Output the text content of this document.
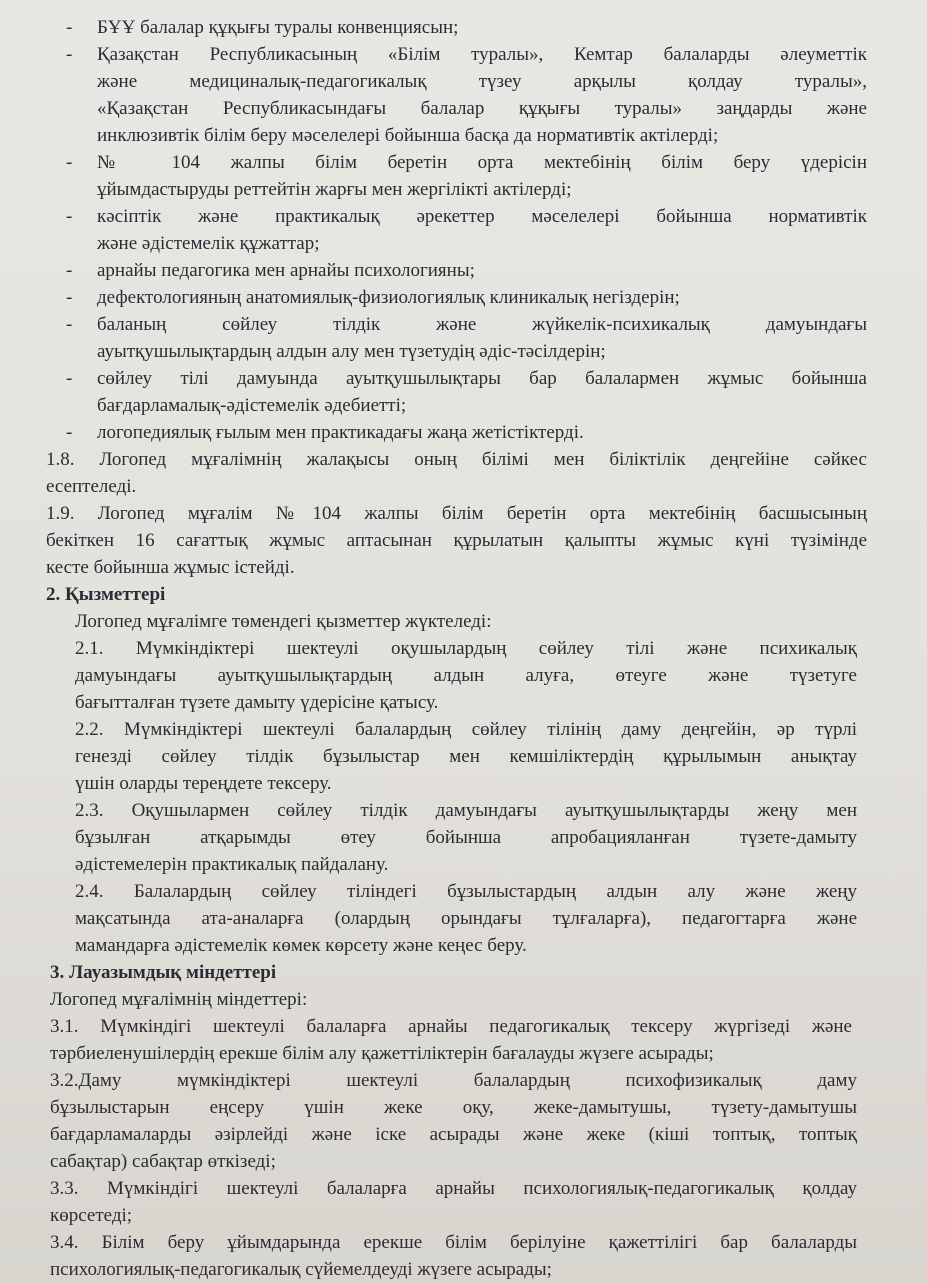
- БҰҰ балалар құқығы туралы конвенциясын;
- Қазақстан Республикасының «Білім туралы», Кемтар балаларды әлеуметтік
және медициналық-педагогикалық түзеу арқылы қолдау туралы»,
«Қазақстан Республикасындағы балалар құқығы туралы» заңдарды және
инклюзивтік білім беру мәселелері бойынша басқа да нормативтік актілерді;
- № 104 жалпы білім беретін орта мектебінің білім беру үдерісін
ұйымдастыруды реттейтін жарғы мен жергілікті актілерді;
- кәсіптік және практикалық әрекеттер мәселелері бойынша нормативтік
және әдістемелік құжаттар;
- арнайы педагогика мен арнайы психологияны;
- дефектологияның анатомиялық-физиологиялық клиникалық негіздерін;
- баланың сөйлеу тілдік және жүйкелік-психикалық дамуындағы
ауытқушылықтардың алдын алу мен түзетудің әдіс-тәсілдерін;
- сөйлеу тілі дамуында ауытқушылықтары бар балалармен жұмыс бойынша
бағдарламалық-әдістемелік әдебиетті;
- логопедиялық ғылым мен практикадағы жаңа жетістіктерді.
1.8. Логопед мұғалімнің жалақысы оның білімі мен біліктілік деңгейіне сәйкес
есептеледі.
1.9. Логопед мұғалім №104 жалпы білім беретін орта мектебінің басшысының
бекіткен 16 сағаттық жұмыс аптасынан құрылатын қалыпты жұмыс күні түзімінде
кесте бойынша жұмыс істейді.
2. Қызметтері
Логопед мұғалімге төмендегі қызметтер жүктеледі:
2.1. Мүмкіндіктері шектеулі оқушылардың сөйлеу тілі және психикалық
дамуындағы ауытқушылықтардың алдын алуға, өтеуге және түзетуге
бағытталған түзете дамыту үдерісіне қатысу.
2.2. Мүмкіндіктері шектеулі балалардың сөйлеу тілінің даму деңгейін, әр түрлі
генезді сөйлеу тілдік бұзылыстар мен кемшіліктердің құрылымын анықтау
үшін оларды тереңдете тексеру.
2.3. Оқушылармен сөйлеу тілдік дамуындағы ауытқушылықтарды жеңу мен
бұзылған атқарымды өтеу бойынша апробацияланған түзете-дамыту
әдістемелерін практикалық пайдалану.
2.4. Балалардың сөйлеу тіліндегі бұзылыстардың алдын алу және жеңу
мақсатында ата-аналарға (олардың орындағы тұлғаларға), педагогтарға және
мамандарға әдістемелік көмек көрсету және кеңес беру.
3. Лауазымдық міндеттері
Логопед мұғалімнің міндеттері:
3.1. Мүмкіндігі шектеулі балаларға арнайы педагогикалық тексеру жүргізеді және
тәрбиеленушілердің ерекше білім алу қажеттіліктерін бағалауды жүзеге асырады;
3.2.Даму мүмкіндіктері шектеулі балалардың психофизикалық даму
бұзылыстарын еңсеру үшін жеке оқу, жеке-дамытушы, түзету-дамытушы
бағдарламаларды әзірлейді және іске асырады және жеке (кіші топтық, топтық
сабақтар) сабақтар өткізеді;
3.3. Мүмкіндігі шектеулі балаларға арнайы психологиялық-педагогикалық қолдау
көрсетеді;
3.4. Білім беру ұйымдарында ерекше білім берілуіне қажеттілігі бар балаларды
психологиялық-педагогикалық сүйемелдеуді жүзеге асырады;
